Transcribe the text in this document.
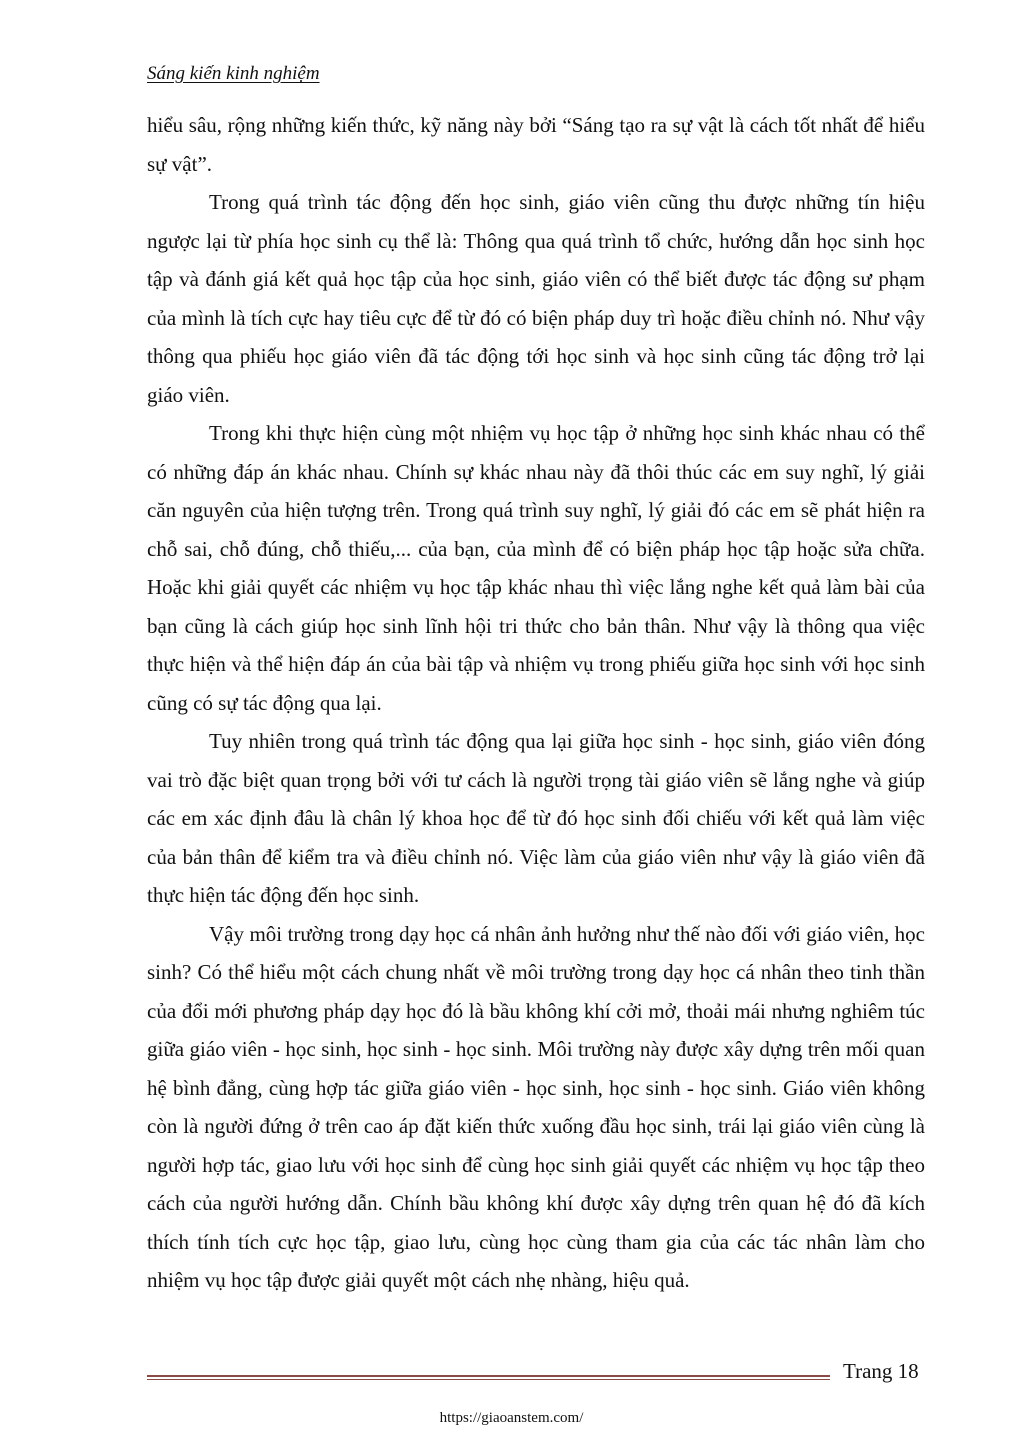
Sáng kiến kinh nghiệm

hiểu sâu, rộng những kiến thức, kỹ năng này bởi “Sáng tạo ra sự vật là cách tốt nhất để hiểu sự vật”.

Trong quá trình tác động đến học sinh, giáo viên cũng thu được những tín hiệu ngược lại từ phía học sinh cụ thể là: Thông qua quá trình tổ chức, hướng dẫn học sinh học tập và đánh giá kết quả học tập của học sinh, giáo viên có thể biết được tác động sư phạm của mình là tích cực hay tiêu cực để từ đó có biện pháp duy trì hoặc điều chỉnh nó. Như vậy thông qua phiếu học giáo viên đã tác động tới học sinh và học sinh cũng tác động trở lại giáo viên.

Trong khi thực hiện cùng một nhiệm vụ học tập ở những học sinh khác nhau có thể có những đáp án khác nhau. Chính sự khác nhau này đã thôi thúc các em suy nghĩ, lý giải căn nguyên của hiện tượng trên. Trong quá trình suy nghĩ, lý giải đó các em sẽ phát hiện ra chỗ sai, chỗ đúng, chỗ thiếu,... của bạn, của mình để có biện pháp học tập hoặc sửa chữa. Hoặc khi giải quyết các nhiệm vụ học tập khác nhau thì việc lắng nghe kết quả làm bài của bạn cũng là cách giúp học sinh lĩnh hội tri thức cho bản thân. Như vậy là thông qua việc thực hiện và thể hiện đáp án của bài tập và nhiệm vụ trong phiếu giữa học sinh với học sinh cũng có sự tác động qua lại.

Tuy nhiên trong quá trình tác động qua lại giữa học sinh - học sinh, giáo viên đóng vai trò đặc biệt quan trọng bởi với tư cách là người trọng tài giáo viên sẽ lắng nghe và giúp các em xác định đâu là chân lý khoa học để từ đó học sinh đối chiếu với kết quả làm việc của bản thân để kiểm tra và điều chỉnh nó. Việc làm của giáo viên như vậy là giáo viên đã thực hiện tác động đến học sinh.

Vậy môi trường trong dạy học cá nhân ảnh hưởng như thế nào đối với giáo viên, học sinh? Có thể hiểu một cách chung nhất về môi trường trong dạy học cá nhân theo tinh thần của đổi mới phương pháp dạy học đó là bầu không khí cởi mở, thoải mái nhưng nghiêm túc giữa giáo viên - học sinh, học sinh - học sinh. Môi trường này được xây dựng trên mối quan hệ bình đẳng, cùng hợp tác giữa giáo viên - học sinh, học sinh - học sinh. Giáo viên không còn là người đứng ở trên cao áp đặt kiến thức xuống đầu học sinh, trái lại giáo viên cùng là người hợp tác, giao lưu với học sinh để cùng học sinh giải quyết các nhiệm vụ học tập theo cách của người hướng dẫn. Chính bầu không khí được xây dựng trên quan hệ đó đã kích thích tính tích cực học tập, giao lưu, cùng học cùng tham gia của các tác nhân làm cho nhiệm vụ học tập được giải quyết một cách nhẹ nhàng, hiệu quả.

Trang 18
https://giaoanstem.com/
